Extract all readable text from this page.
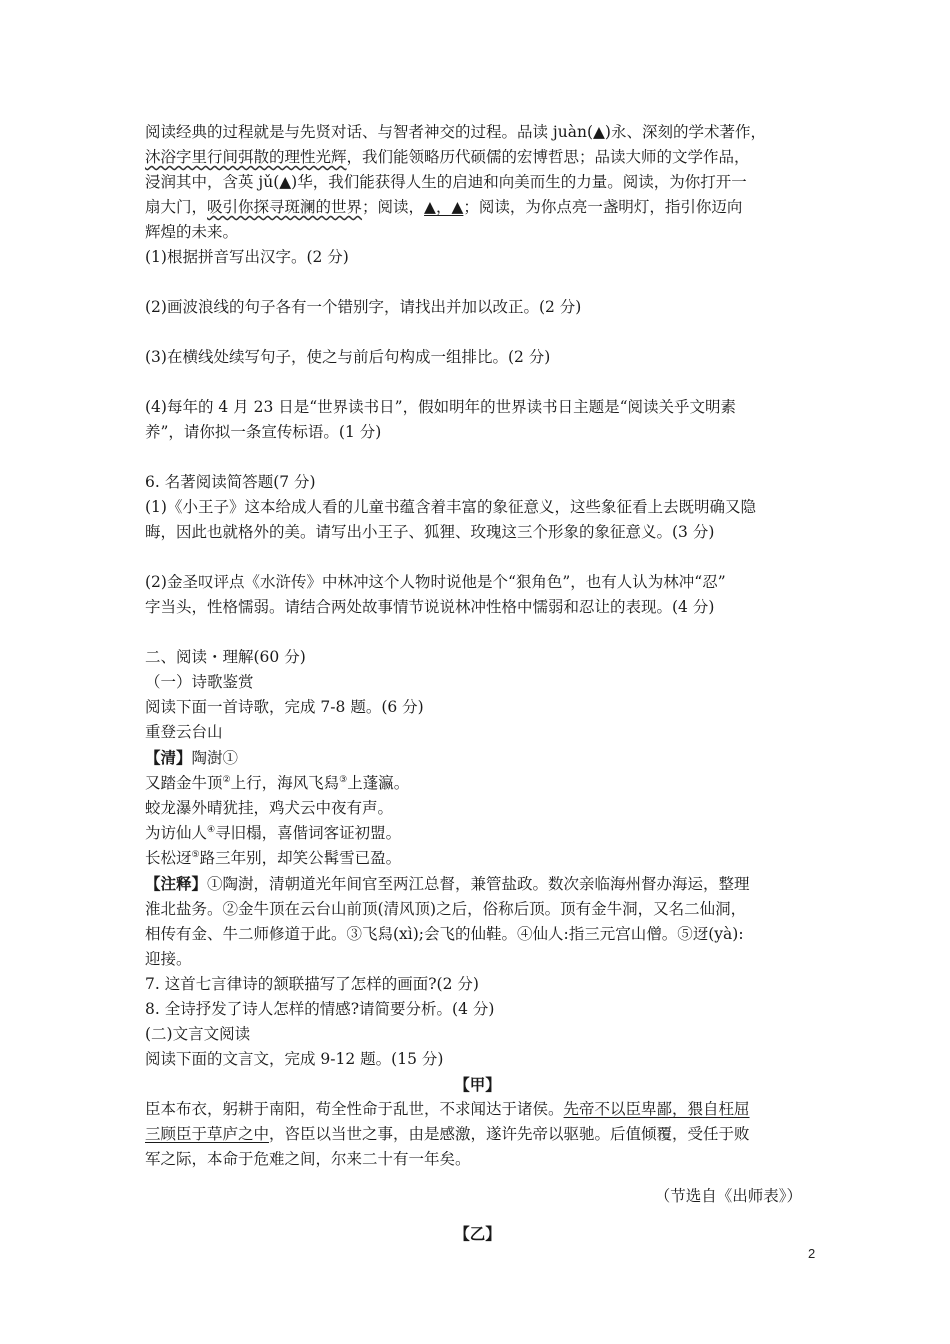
阅读经典的过程就是与先贤对话、与智者神交的过程。品读 juàn(▲)永、深刻的学术著作，
沐浴字里行间弭散的理性光辉，我们能领略历代硕儒的宏博哲思；品读大师的文学作品，
浸润其中，含英 jǔ(▲)华，我们能获得人生的启迪和向美而生的力量。阅读，为你打开一
扇大门，吸引你探寻斑澜的世界；阅读，▲，▲；阅读，为你点亮一盏明灯，指引你迈向
辉煌的未来。
(1)根据拼音写出汉字。(2 分)
(2)画波浪线的句子各有一个错别字，请找出并加以改正。(2 分)
(3)在横线处续写句子，使之与前后句构成一组排比。(2 分)
(4)每年的 4 月 23 日是“世界读书日”，假如明年的世界读书日主题是“阅读关乎文明素
养”，请你拟一条宣传标语。(1 分)
6. 名著阅读简答题(7 分)
(1)《小王子》这本给成人看的儿童书蕴含着丰富的象征意义，这些象征看上去既明确又隐
晦，因此也就格外的美。请写出小王子、狐狸、玫瑰这三个形象的象征意义。(3 分)
(2)金圣叹评点《水浒传》中林冲这个人物时说他是个“狠角色”，也有人认为林冲“忍”
字当头，性格懦弱。请结合两处故事情节说说林冲性格中懦弱和忍让的表现。(4 分)
二、阅读・理解(60 分)
（一）诗歌鉴赏
阅读下面一首诗歌，完成 7-8 题。(6 分)
重登云台山
【清】陶澍①
又踏金牛顶②上行，海风飞舄③上蓬瀛。
蛟龙瀑外晴犹挂，鸡犬云中夜有声。
为访仙人④寻旧榻，喜偕词客证初盟。
长松迓⑤路三年别，却笑公髯雪已盈。
【注释】①陶澍，清朝道光年间官至两江总督，兼管盐政。数次亲临海州督办海运，整理
淮北盐务。②金牛顶在云台山前顶(清风顶)之后，俗称后顶。顶有金牛洞，又名二仙洞，
相传有金、牛二师修道于此。③飞舄(xì);会飞的仙鞋。④仙人:指三元宫山僧。⑤迓(yà):
迎接。
7. 这首七言律诗的颔联描写了怎样的画面?(2 分)
8. 全诗抒发了诗人怎样的情感?请简要分析。(4 分)
(二)文言文阅读
阅读下面的文言文，完成 9-12 题。(15 分)
【甲】
臣本布衣，躬耕于南阳，苟全性命于乱世，不求闻达于诸侯。先帝不以臣卑鄙，猥自枉屈
三顾臣于草庐之中，咨臣以当世之事，由是感激，遂许先帝以驱驰。后值倾覆，受任于败
军之际，本命于危难之间，尔来二十有一年矣。
（节选自《出师表》）
【乙】
2
